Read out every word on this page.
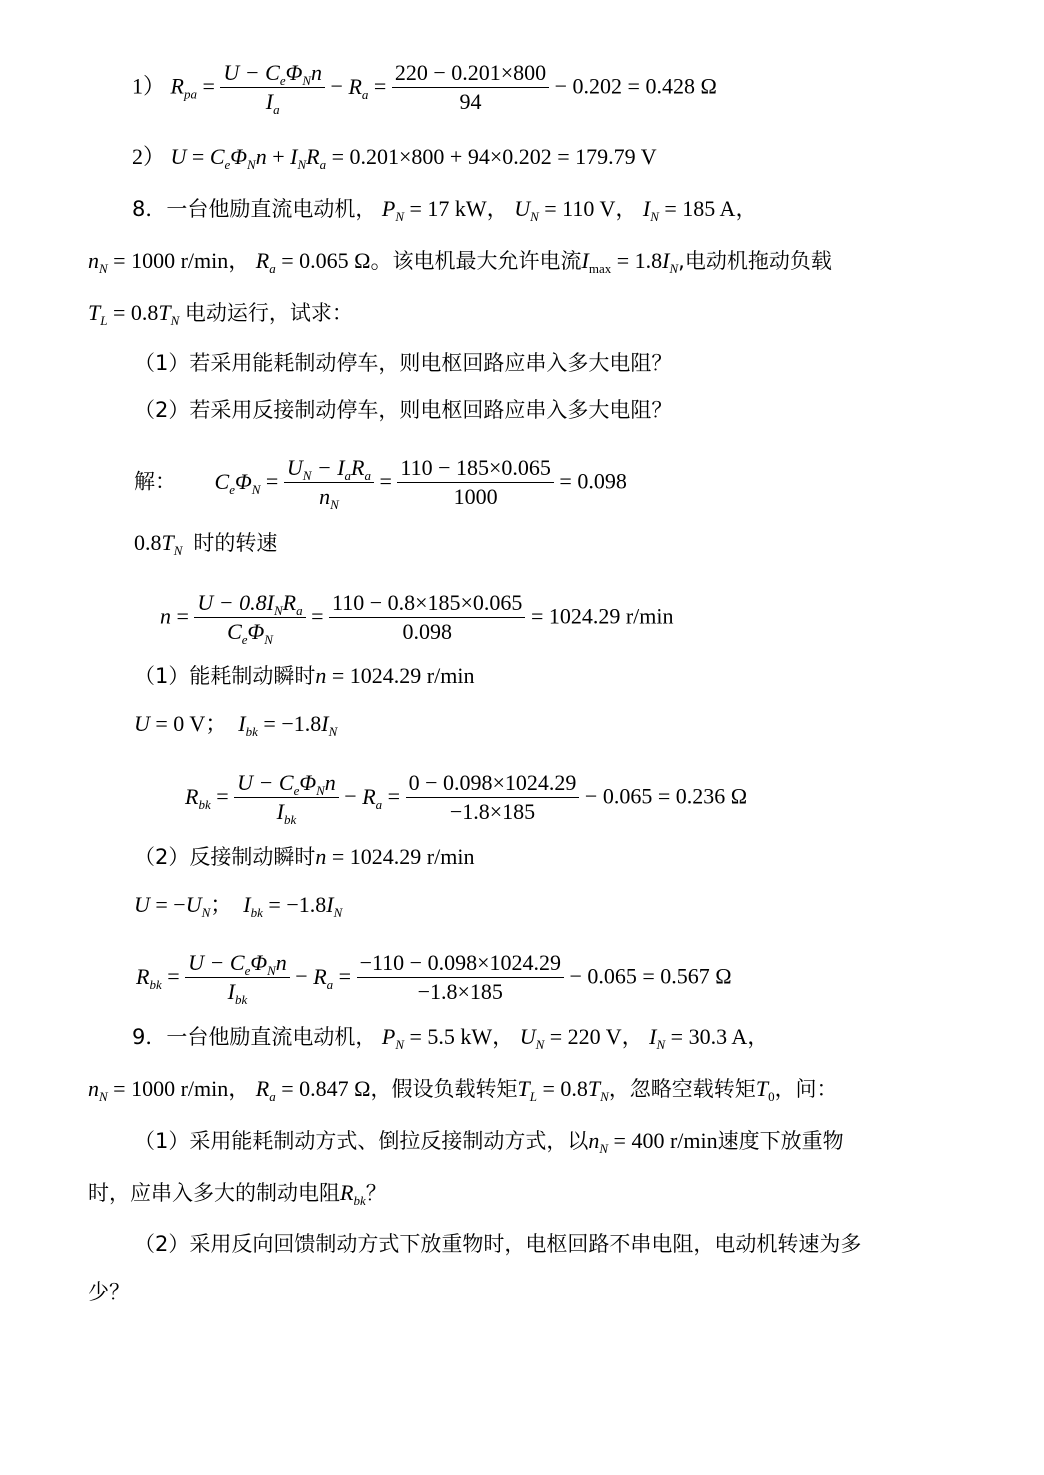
1） $R_{pa}$ =
$U - C_e\Phi_Nn$
$I_a$
− $R_a = \frac{220 - 0.201\times 800}{94} - 0.202 = 0.428$ Ω
2） $U = C_e\Phi_Nn + I_NR_a = 0.201\times 800 + 94\times 0.202 = 179.79$ V
8．一台他励直流电动机， $P_N = 17$ kW， $U_N = 110$ V， $I_N = 185$ A，
$n_N = 1000$ r/min， $R_a = 0.065$ Ω。该电机最大允许电流$I_{max} = 1.8I_N$,电动机拖动负载
$T_L = 0.8T_N$ 电动运行，试求：
（1）若采用能耗制动停车，则电枢回路应串入多大电阻？
（2）若采用反接制动停车，则电枢回路应串入多大电阻？
解： $C_e\Phi_N$ =
$U_N - I_aR_a$
$n_N$
= $\frac{110 - 185\times 0.065}{1000} = 0.098$
$0.8T_N$ 时的转速
n =
$U - 0.8I_NR_a$
$C_e\Phi_N$
= $\frac{110 - 0.8\times 185\times 0.065}{0.098} = 1024.29$ r/min
（1）能耗制动瞬时n = 1024.29 r/min
U = 0 V； $I_{bk} = -1.8I_N$
$R_{bk}$ =
$U - C_e\Phi_Nn$
$I_{bk}$
− $R_a = \frac{0 - 0.098\times 1024.29}{-1.8\times 185} - 0.065 = 0.236$ Ω
（2）反接制动瞬时n = 1024.29 r/min
$U = -U_N$；  $I_{bk} = -1.8I_N$
$R_{bk}$ =
$U - C_e\Phi_Nn$
$I_{bk}$
− $R_a = \frac{-110 - 0.098\times 1024.29}{-1.8\times 185} - 0.065 = 0.567$ Ω
9．一台他励直流电动机， $P_N = 5.5$ kW， $U_N = 220$ V， $I_N = 30.3$ A，
$n_N = 1000$ r/min， $R_a = 0.847$ Ω，假设负载转矩$T_L = 0.8T_N$，忽略空载转矩$T_0$，问：
（1）采用能耗制动方式、倒拉反接制动方式，以$n_N = 400$ r/min速度下放重物
时，应串入多大的制动电阻$R_{bk}$？
（2）采用反向回馈制动方式下放重物时，电枢回路不串电阻，电动机转速为多
少？
